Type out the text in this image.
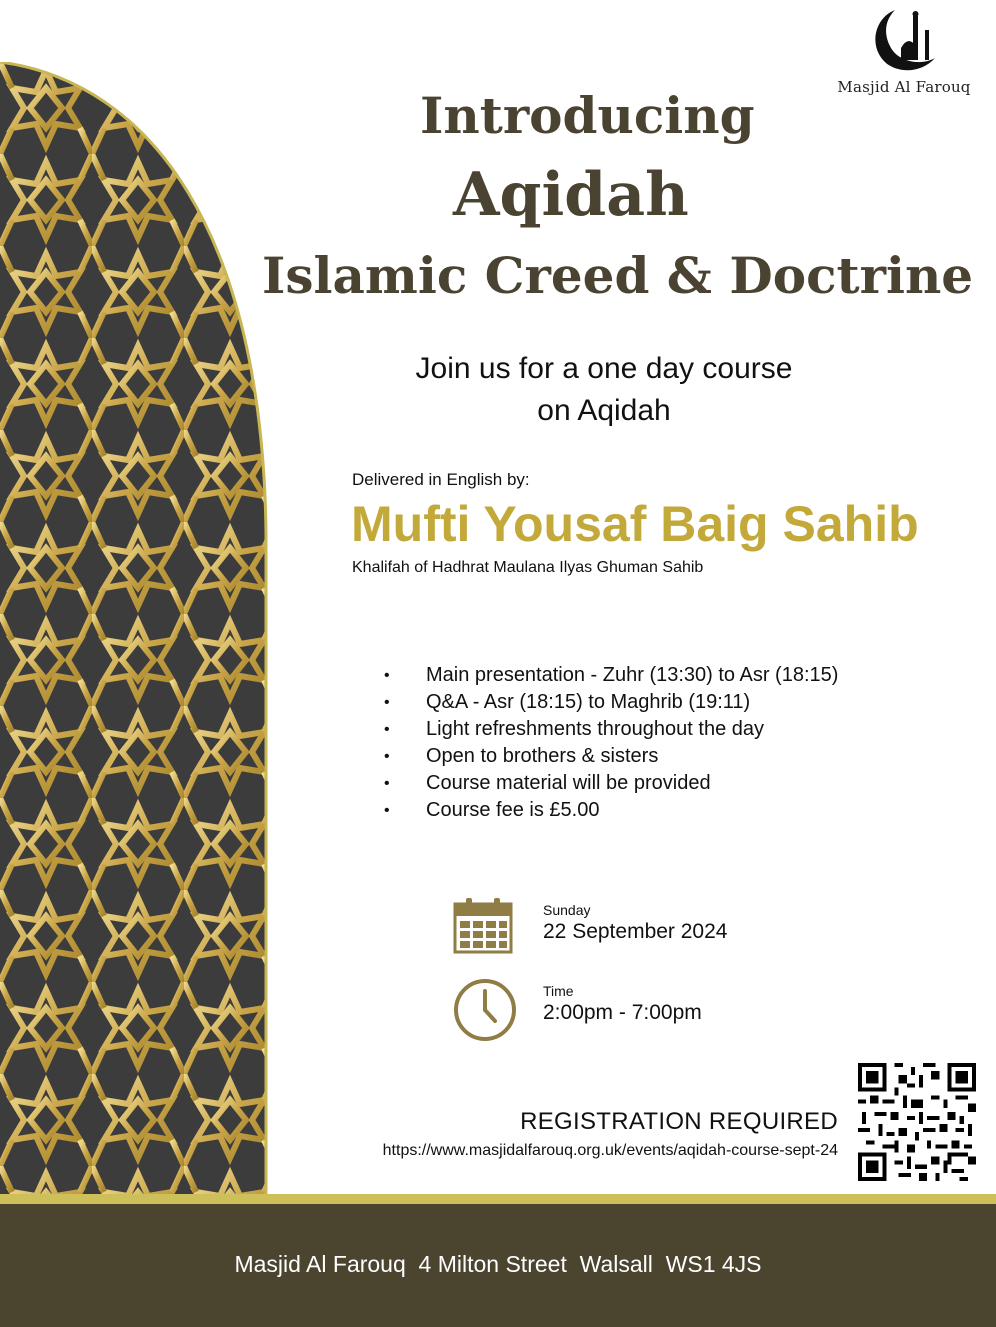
Masjid Al Farouq
Introducing
Aqidah
Islamic Creed & Doctrine
Join us for a one day course
on Aqidah
Delivered in English by:
Mufti Yousaf Baig Sahib
Khalifah of Hadhrat Maulana Ilyas Ghuman Sahib
• Main presentation - Zuhr (13:30) to Asr (18:15)
• Q&A - Asr (18:15) to Maghrib (19:11)
• Light refreshments throughout the day
• Open to brothers & sisters
• Course material will be provided
• Course fee is £5.00
Sunday
22 September 2024
Time
2:00pm - 7:00pm
REGISTRATION REQUIRED
https://www.masjidalfarouq.org.uk/events/aqidah-course-sept-24
Masjid Al Farouq  4 Milton Street  Walsall  WS1 4JS
